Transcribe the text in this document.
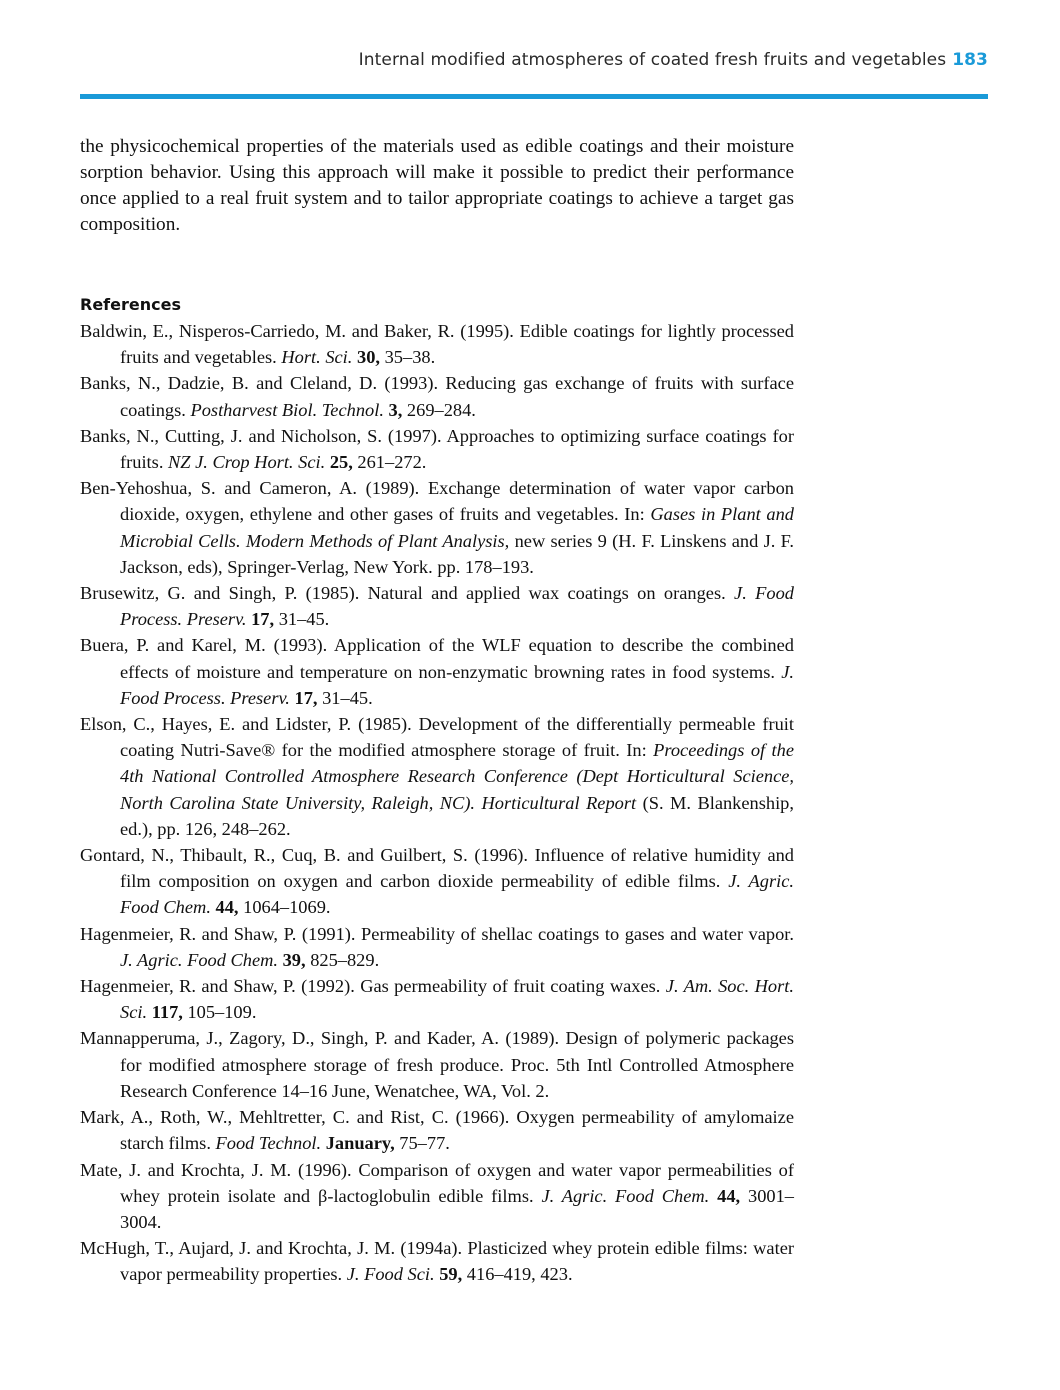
Internal modified atmospheres of coated fresh fruits and vegetables 183
the physicochemical properties of the materials used as edible coatings and their moisture sorption behavior. Using this approach will make it possible to predict their performance once applied to a real fruit system and to tailor appropriate coatings to achieve a target gas composition.
References
Baldwin, E., Nisperos-Carriedo, M. and Baker, R. (1995). Edible coatings for lightly processed fruits and vegetables. Hort. Sci. 30, 35–38.
Banks, N., Dadzie, B. and Cleland, D. (1993). Reducing gas exchange of fruits with surface coatings. Postharvest Biol. Technol. 3, 269–284.
Banks, N., Cutting, J. and Nicholson, S. (1997). Approaches to optimizing surface coatings for fruits. NZ J. Crop Hort. Sci. 25, 261–272.
Ben-Yehoshua, S. and Cameron, A. (1989). Exchange determination of water vapor carbon dioxide, oxygen, ethylene and other gases of fruits and vegetables. In: Gases in Plant and Microbial Cells. Modern Methods of Plant Analysis, new series 9 (H. F. Linskens and J. F. Jackson, eds), Springer-Verlag, New York. pp. 178–193.
Brusewitz, G. and Singh, P. (1985). Natural and applied wax coatings on oranges. J. Food Process. Preserv. 17, 31–45.
Buera, P. and Karel, M. (1993). Application of the WLF equation to describe the combined effects of moisture and temperature on non-enzymatic browning rates in food systems. J. Food Process. Preserv. 17, 31–45.
Elson, C., Hayes, E. and Lidster, P. (1985). Development of the differentially permeable fruit coating Nutri-Save® for the modified atmosphere storage of fruit. In: Proceedings of the 4th National Controlled Atmosphere Research Conference (Dept Horticultural Science, North Carolina State University, Raleigh, NC). Horticultural Report (S. M. Blankenship, ed.), pp. 126, 248–262.
Gontard, N., Thibault, R., Cuq, B. and Guilbert, S. (1996). Influence of relative humidity and film composition on oxygen and carbon dioxide permeability of edible films. J. Agric. Food Chem. 44, 1064–1069.
Hagenmeier, R. and Shaw, P. (1991). Permeability of shellac coatings to gases and water vapor. J. Agric. Food Chem. 39, 825–829.
Hagenmeier, R. and Shaw, P. (1992). Gas permeability of fruit coating waxes. J. Am. Soc. Hort. Sci. 117, 105–109.
Mannapperuma, J., Zagory, D., Singh, P. and Kader, A. (1989). Design of polymeric packages for modified atmosphere storage of fresh produce. Proc. 5th Intl Controlled Atmosphere Research Conference 14–16 June, Wenatchee, WA, Vol. 2.
Mark, A., Roth, W., Mehltretter, C. and Rist, C. (1966). Oxygen permeability of amylomaize starch films. Food Technol. January, 75–77.
Mate, J. and Krochta, J. M. (1996). Comparison of oxygen and water vapor permeabilities of whey protein isolate and β-lactoglobulin edible films. J. Agric. Food Chem. 44, 3001–3004.
McHugh, T., Aujard, J. and Krochta, J. M. (1994a). Plasticized whey protein edible films: water vapor permeability properties. J. Food Sci. 59, 416–419, 423.
